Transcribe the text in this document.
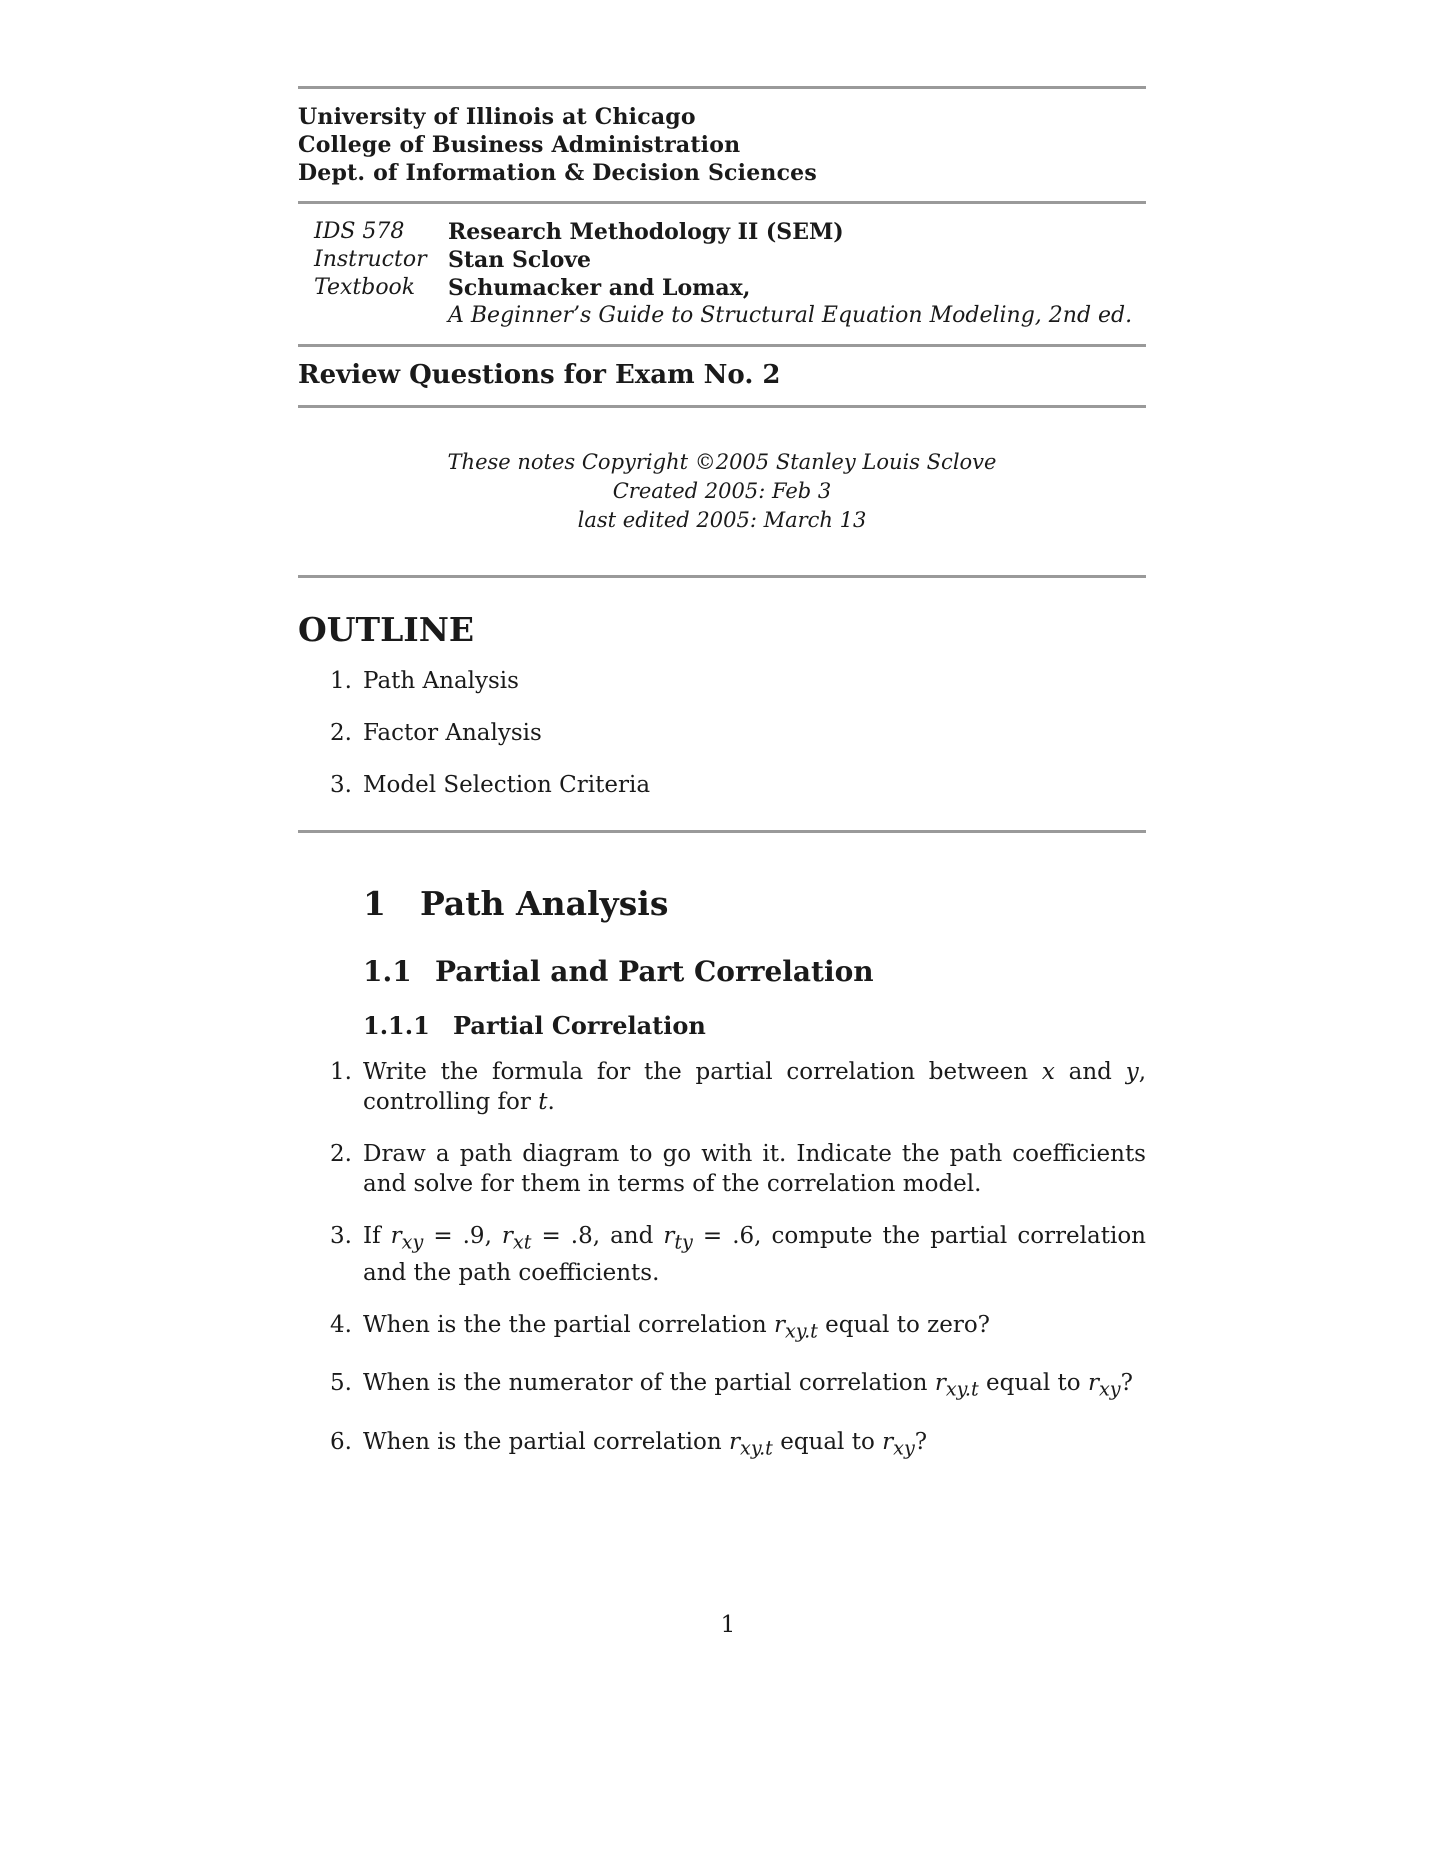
University of Illinois at Chicago
College of Business Administration
Dept. of Information & Decision Sciences
IDS 578	Research Methodology II (SEM)
Instructor Stan Sclove
Textbook	Schumacker and Lomax,
A Beginner’s Guide to Structural Equation Modeling, 2nd ed.
Review Questions for Exam No. 2
These notes Copyright ©2005 Stanley Louis Sclove
Created 2005: Feb 3
last edited 2005: March 13
OUTLINE
1. Path Analysis
2. Factor Analysis
3. Model Selection Criteria
1 Path Analysis
1.1 Partial and Part Correlation
1.1.1 Partial Correlation
1. Write the formula for the partial correlation between x and y, controlling for t.
2. Draw a path diagram to go with it. Indicate the path coefficients and solve for them in terms of the correlation model.
3. If $r_{xy} = .9$, $r_{xt} = .8$, and $r_{ty} = .6$, compute the partial correlation and the path coefficients.
4. When is the the partial correlation $r_{xy.t}$ equal to zero?
5. When is the numerator of the partial correlation $r_{xy.t}$ equal to $r_{xy}$?
6. When is the partial correlation $r_{xy.t}$ equal to $r_{xy}$?
1
